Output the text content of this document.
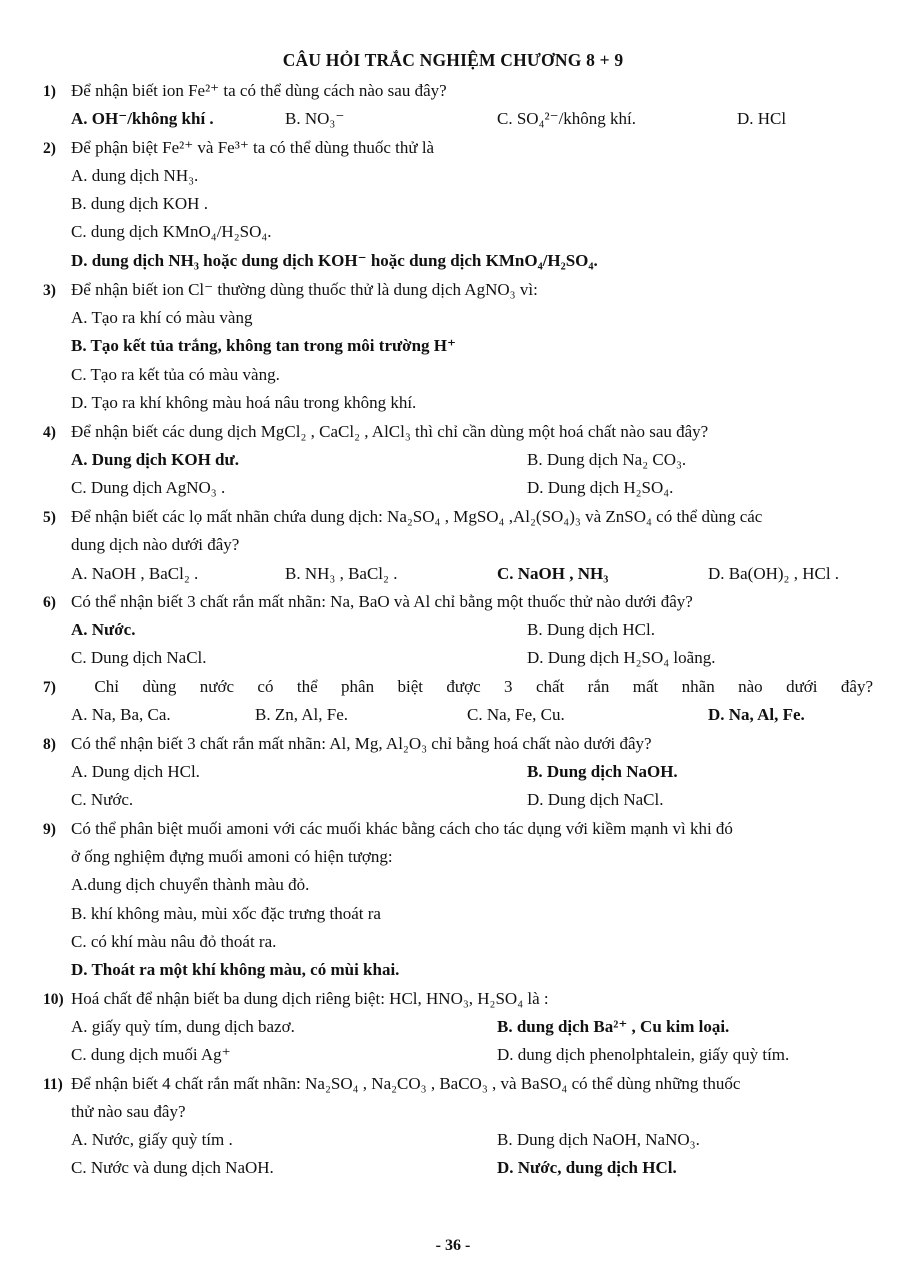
CÂU HỎI TRẮC NGHIỆM CHƯƠNG 8 + 9
1) Để nhận biết ion Fe²⁺ ta có thể dùng cách nào sau đây?
A. OH⁻/không khí .	B. NO₃⁻	C. SO₄²⁻/không khí.	D. HCl
2) Để phận biệt Fe²⁺ và Fe³⁺ ta có thể dùng thuốc thử là
A. dung dịch NH₃.
B. dung dịch KOH .
C. dung dịch KMnO₄/H₂SO₄.
D. dung dịch NH₃ hoặc dung dịch KOH⁻ hoặc dung dịch KMnO₄/H₂SO₄.
3) Để nhận biết ion Cl⁻ thường dùng thuốc thử là dung dịch AgNO₃ vì:
A. Tạo ra khí có màu vàng
B. Tạo kết tủa trắng, không tan trong môi trường H⁺
C. Tạo ra kết tủa có màu vàng.
D. Tạo ra khí không màu hoá nâu trong không khí.
4) Để nhận biết các dung dịch MgCl₂ , CaCl₂ , AlCl₃ thì chỉ cần dùng một hoá chất nào sau đây?
A. Dung dịch KOH dư.	B. Dung dịch Na₂ CO₃.
C. Dung dịch AgNO₃ .	D. Dung dịch H₂SO₄.
5) Để nhận biết các lọ mất nhãn chứa dung dịch: Na₂SO₄ , MgSO₄ ,Al₂(SO₄)₃ và ZnSO₄ có thể dùng các
dung dịch nào dưới đây?
A. NaOH , BaCl₂ .	B. NH₃ , BaCl₂ .	C. NaOH , NH₃	D. Ba(OH)₂ , HCl .
6) Có thể nhận biết 3 chất rắn mất nhãn: Na, BaO và Al chỉ bằng một thuốc thử nào dưới đây?
A. Nước.	B. Dung dịch HCl.
C. Dung dịch NaCl.	D. Dung dịch H₂SO₄ loãng.
7) Chỉ dùng nước có thể phân biệt được 3 chất rắn mất nhãn nào dưới đây?
A. Na, Ba, Ca.	B. Zn, Al, Fe.	C. Na, Fe, Cu.	D. Na, Al, Fe.
8) Có thể nhận biết 3 chất rắn mất nhãn: Al, Mg, Al₂O₃ chỉ bằng hoá chất nào dưới đây?
A. Dung dịch HCl.	B. Dung dịch NaOH.
C. Nước.	D. Dung dịch NaCl.
9) Có thể phân biệt muối amoni với các muối khác bằng cách cho tác dụng với kiềm mạnh vì khi đó
ở ống nghiệm đựng muối amoni có hiện tượng:
A.dung dịch chuyển thành màu đỏ.
B. khí không màu, mùi xốc đặc trưng thoát ra
C. có khí màu nâu đỏ thoát ra.
D. Thoát ra một khí không màu, có mùi khai.
10) Hoá chất để nhận biết ba dung dịch riêng biệt: HCl, HNO₃, H₂SO₄ là :
A. giấy quỳ tím, dung dịch bazơ.	B. dung dịch Ba²⁺ , Cu kim loại.
C. dung dịch muối Ag⁺	D. dung dịch phenolphtalein, giấy quỳ tím.
11) Để nhận biết 4 chất rắn mất nhãn: Na₂SO₄ , Na₂CO₃ , BaCO₃ , và BaSO₄ có thể dùng những thuốc
thử nào sau đây?
A. Nước, giấy quỳ tím .	B. Dung dịch NaOH, NaNO₃.
C. Nước và dung dịch NaOH.	D. Nước, dung dịch HCl.
- 36 -
